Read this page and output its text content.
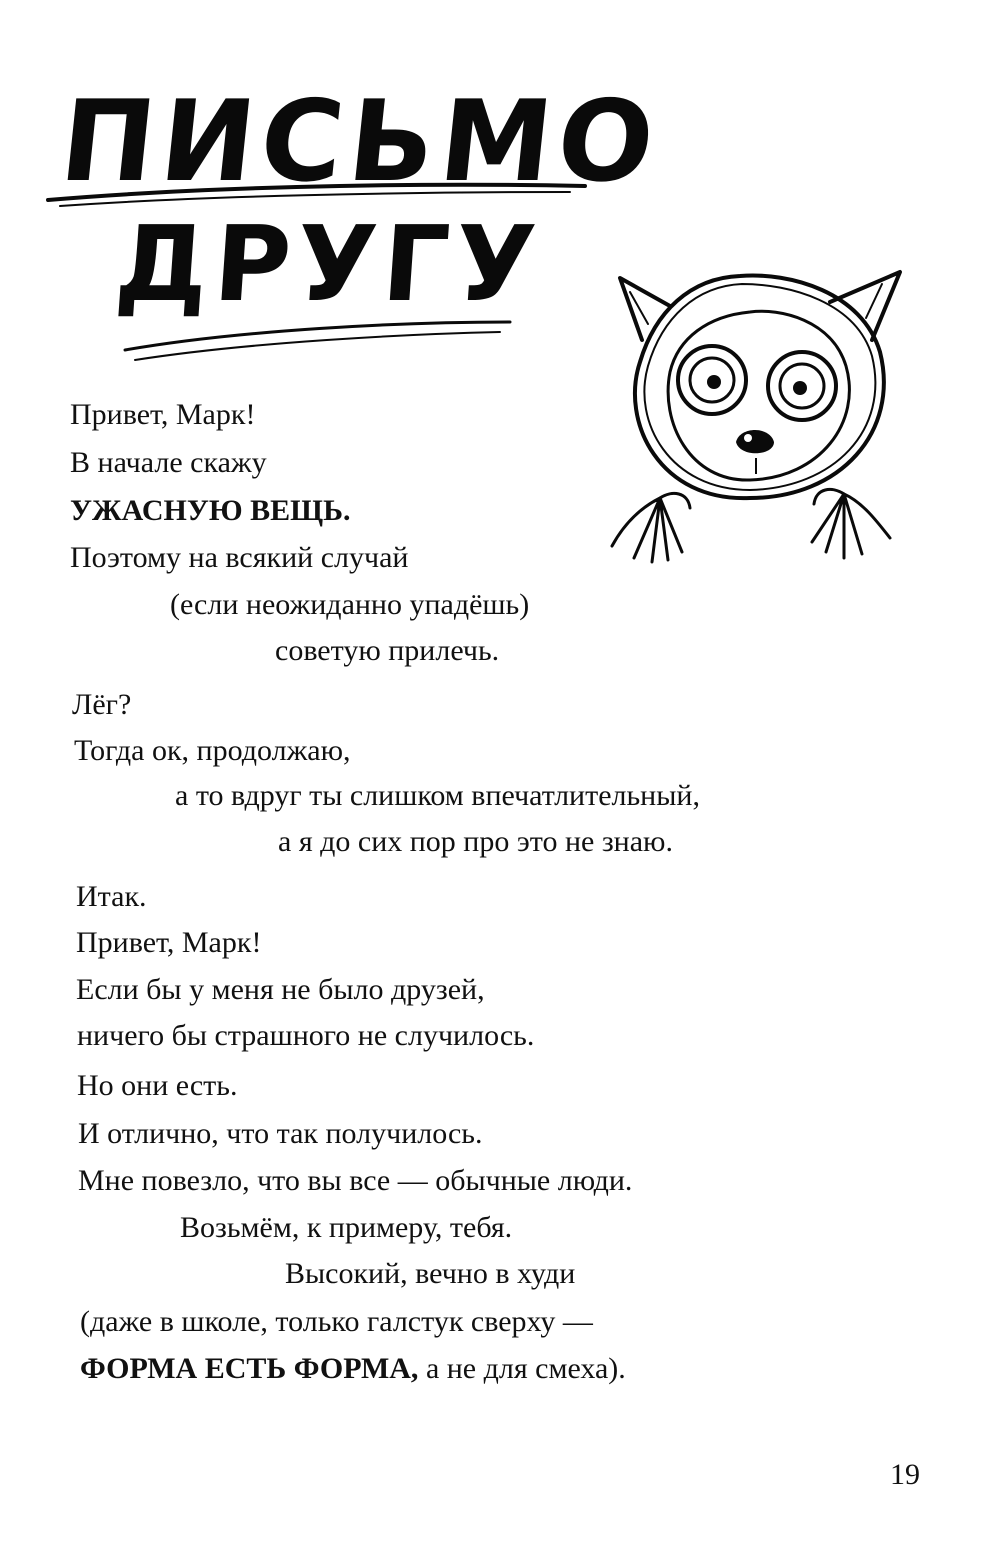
ПИСЬМО
ДРУГУ
Привет, Марк!
В начале скажу
УЖАСНУЮ ВЕЩЬ.
Поэтому на всякий случай
(если неожиданно упадёшь)
советую прилечь.
Лёг?
Тогда ок, продолжаю,
а то вдруг ты слишком впечатлительный,
а я до сих пор про это не знаю.
Итак.
Привет, Марк!
Если бы у меня не было друзей,
ничего бы страшного не случилось.
Но они есть.
И отлично, что так получилось.
Мне повезло, что вы все — обычные люди.
Возьмём, к примеру, тебя.
Высокий, вечно в худи
(даже в школе, только галстук сверху —
ФОРМА ЕСТЬ ФОРМА, а не для смеха).
19
